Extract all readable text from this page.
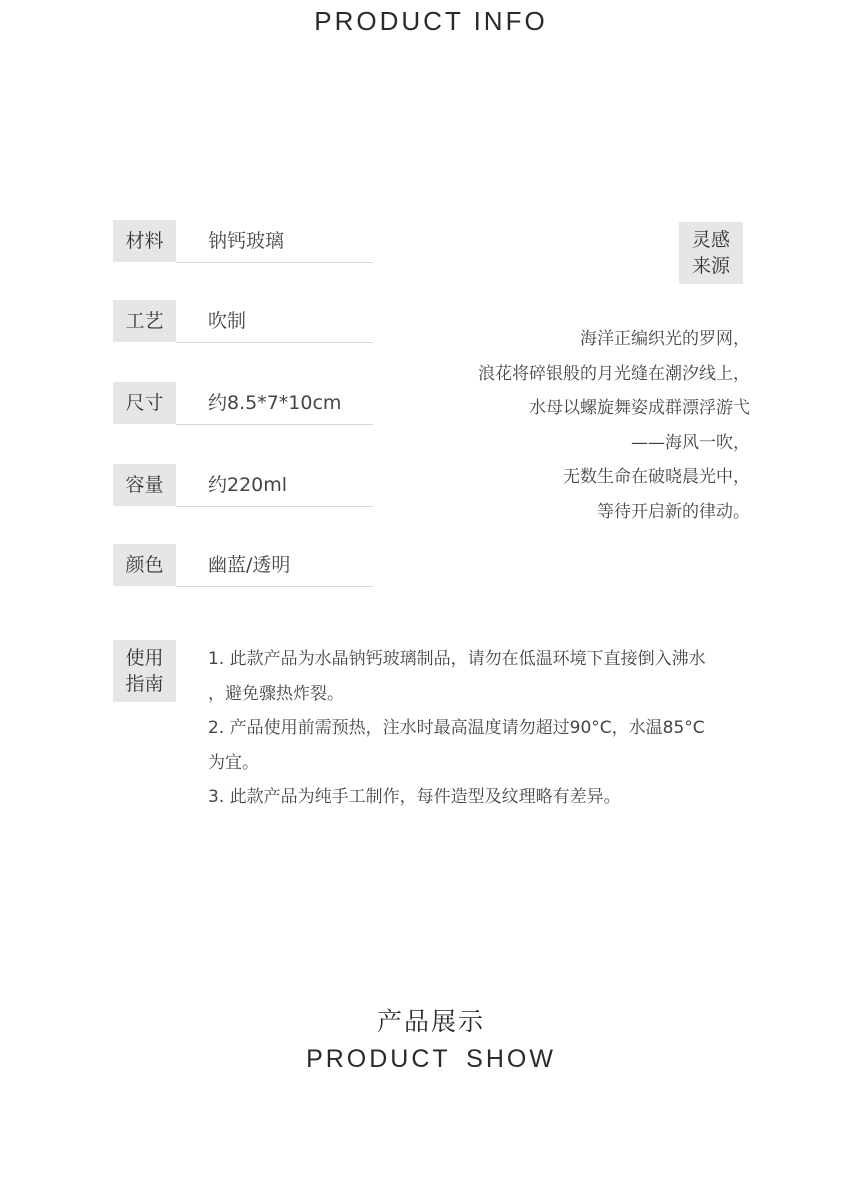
PRODUCT INFO
材料	钠钙玻璃
工艺	吹制
尺寸	约8.5*7*10cm
容量	约220ml
颜色	幽蓝/透明
灵感
来源
海洋正编织光的罗网，
浪花将碎银般的月光缝在潮汐线上，
水母以螺旋舞姿成群漂浮游弋
——海风一吹，
无数生命在破晓晨光中，
等待开启新的律动。
使用
指南
1. 此款产品为水晶钠钙玻璃制品，请勿在低温环境下直接倒入沸水
，避免骤热炸裂。
2. 产品使用前需预热，注水时最高温度请勿超过90°C，水温85°C
为宜。
3. 此款产品为纯手工制作，每件造型及纹理略有差异。
产品展示
PRODUCT SHOW
